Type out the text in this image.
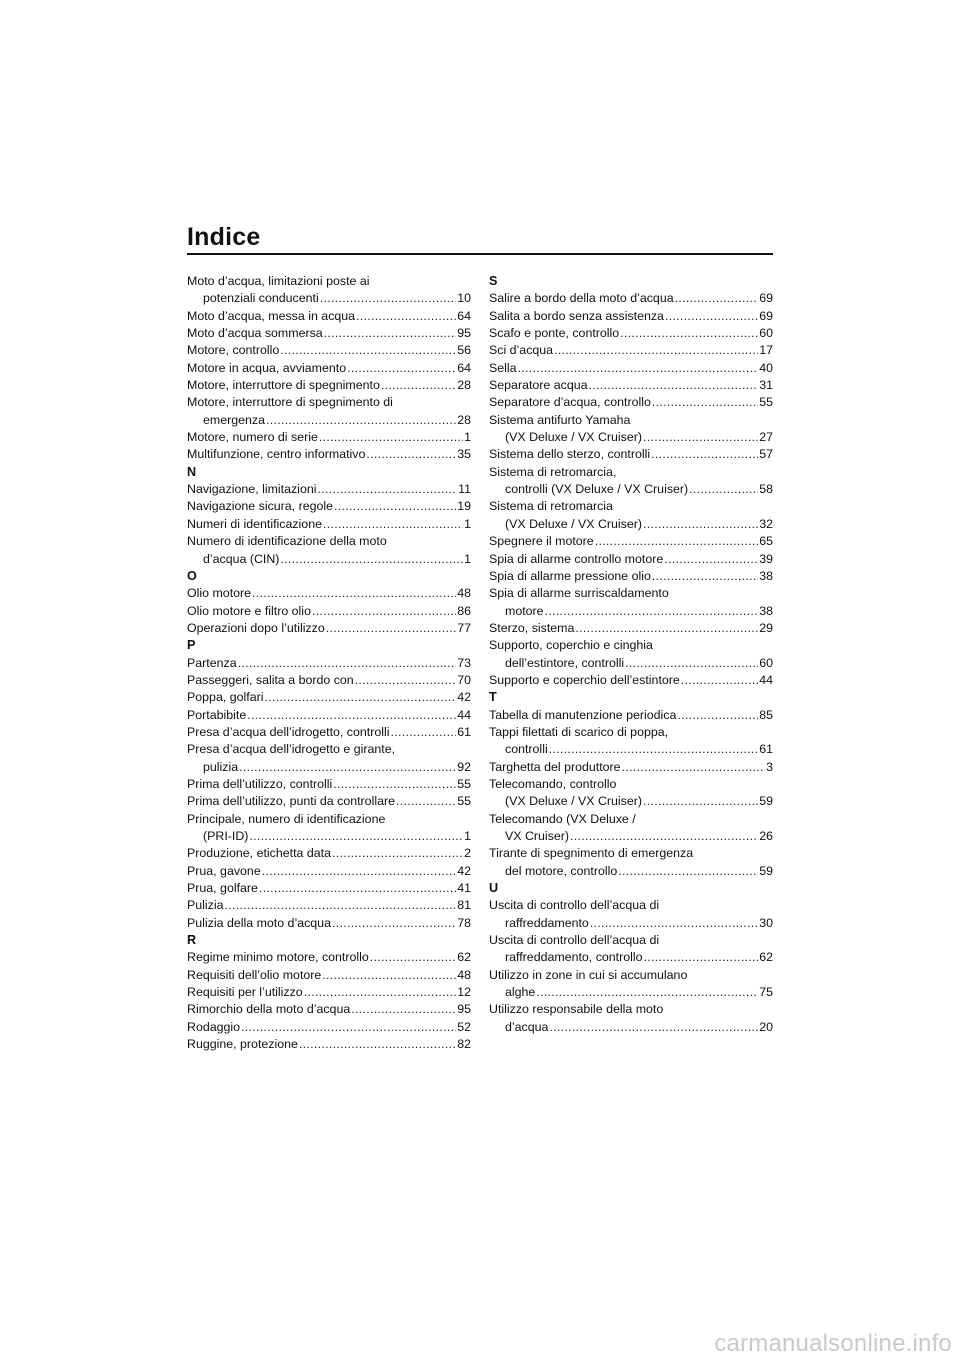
Indice
Moto d’acqua, limitazioni poste ai
potenziali conducenti .....	10
Moto d’acqua, messa in acqua .....	64
Moto d’acqua sommersa .....	95
Motore, controllo .....	56
Motore in acqua, avviamento .....	64
Motore, interruttore di spegnimento .....	28
Motore, interruttore di spegnimento di
emergenza .....	28
Motore, numero di serie .....	1
Multifunzione, centro informativo .....	35
N
Navigazione, limitazioni .....	11
Navigazione sicura, regole .....	19
Numeri di identificazione .....	1
Numero di identificazione della moto
d’acqua (CIN) .....	1
O
Olio motore .....	48
Olio motore e filtro olio .....	86
Operazioni dopo l’utilizzo .....	77
P
Partenza .....	73
Passeggeri, salita a bordo con .....	70
Poppa, golfari .....	42
Portabibite .....	44
Presa d’acqua dell’idrogetto, controlli .....	61
Presa d’acqua dell’idrogetto e girante,
pulizia .....	92
Prima dell’utilizzo, controlli .....	55
Prima dell’utilizzo, punti da controllare .....	55
Principale, numero di identificazione
(PRI-ID) .....	1
Produzione, etichetta data .....	2
Prua, gavone .....	42
Prua, golfare .....	41
Pulizia .....	81
Pulizia della moto d’acqua .....	78
R
Regime minimo motore, controllo .....	62
Requisiti dell’olio motore .....	48
Requisiti per l’utilizzo .....	12
Rimorchio della moto d’acqua .....	95
Rodaggio .....	52
Ruggine, protezione .....	82
S
Salire a bordo della moto d’acqua .....	69
Salita a bordo senza assistenza .....	69
Scafo e ponte, controllo .....	60
Sci d’acqua .....	17
Sella .....	40
Separatore acqua .....	31
Separatore d’acqua, controllo .....	55
Sistema antifurto Yamaha
(VX Deluxe / VX Cruiser) .....	27
Sistema dello sterzo, controlli .....	57
Sistema di retromarcia,
controlli (VX Deluxe / VX Cruiser) .....	58
Sistema di retromarcia
(VX Deluxe / VX Cruiser) .....	32
Spegnere il motore .....	65
Spia di allarme controllo motore .....	39
Spia di allarme pressione olio .....	38
Spia di allarme surriscaldamento
motore .....	38
Sterzo, sistema .....	29
Supporto, coperchio e cinghia
dell’estintore, controlli .....	60
Supporto e coperchio dell’estintore .....	44
T
Tabella di manutenzione periodica .....	85
Tappi filettati di scarico di poppa,
controlli .....	61
Targhetta del produttore .....	3
Telecomando, controllo
(VX Deluxe / VX Cruiser) .....	59
Telecomando (VX Deluxe /
VX Cruiser) .....	26
Tirante di spegnimento di emergenza
del motore, controllo .....	59
U
Uscita di controllo dell’acqua di
raffreddamento .....	30
Uscita di controllo dell’acqua di
raffreddamento, controllo .....	62
Utilizzo in zone in cui si accumulano
alghe .....	75
Utilizzo responsabile della moto
d’acqua .....	20
carmanualsonline.info
